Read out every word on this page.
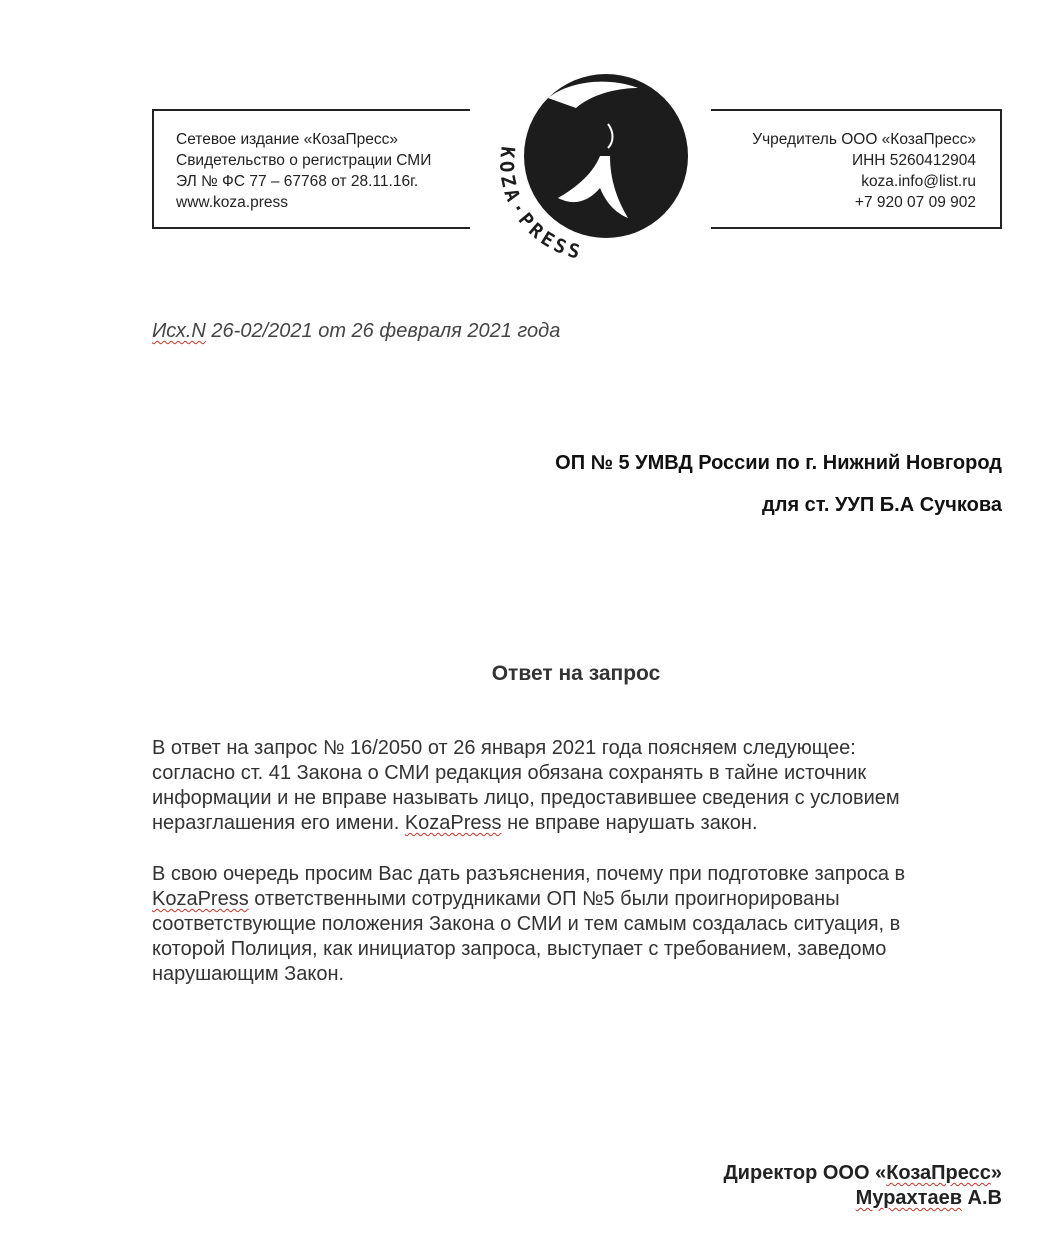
Сетевое издание «КозаПресс»
Свидетельство о регистрации СМИ
ЭЛ № ФС 77 – 67768 от 28.11.16г.
www.koza.press
KOZA·PRESS
Учредитель ООО «КозаПресс»
ИНН 5260412904
koza.info@list.ru
+7 920 07 09 902
Исх.N 26-02/2021 от 26 февраля 2021 года
ОП № 5 УМВД России по г. Нижний Новгород
для ст. УУП Б.А Сучкова
Ответ на запрос
В ответ на запрос № 16/2050 от 26 января 2021 года поясняем следующее:
согласно ст. 41 Закона о СМИ редакция обязана сохранять в тайне источник
информации и не вправе называть лицо, предоставившее сведения с условием
неразглашения его имени. KozaPress не вправе нарушать закон.
В свою очередь просим Вас дать разъяснения, почему при подготовке запроса в
KozaPress ответственными сотрудниками ОП №5 были проигнорированы
соответствующие положения Закона о СМИ и тем самым создалась ситуация, в
которой Полиция, как инициатор запроса, выступает с требованием, заведомо
нарушающим Закон.
Директор ООО «КозаПресс»
Мурахтаев А.В
